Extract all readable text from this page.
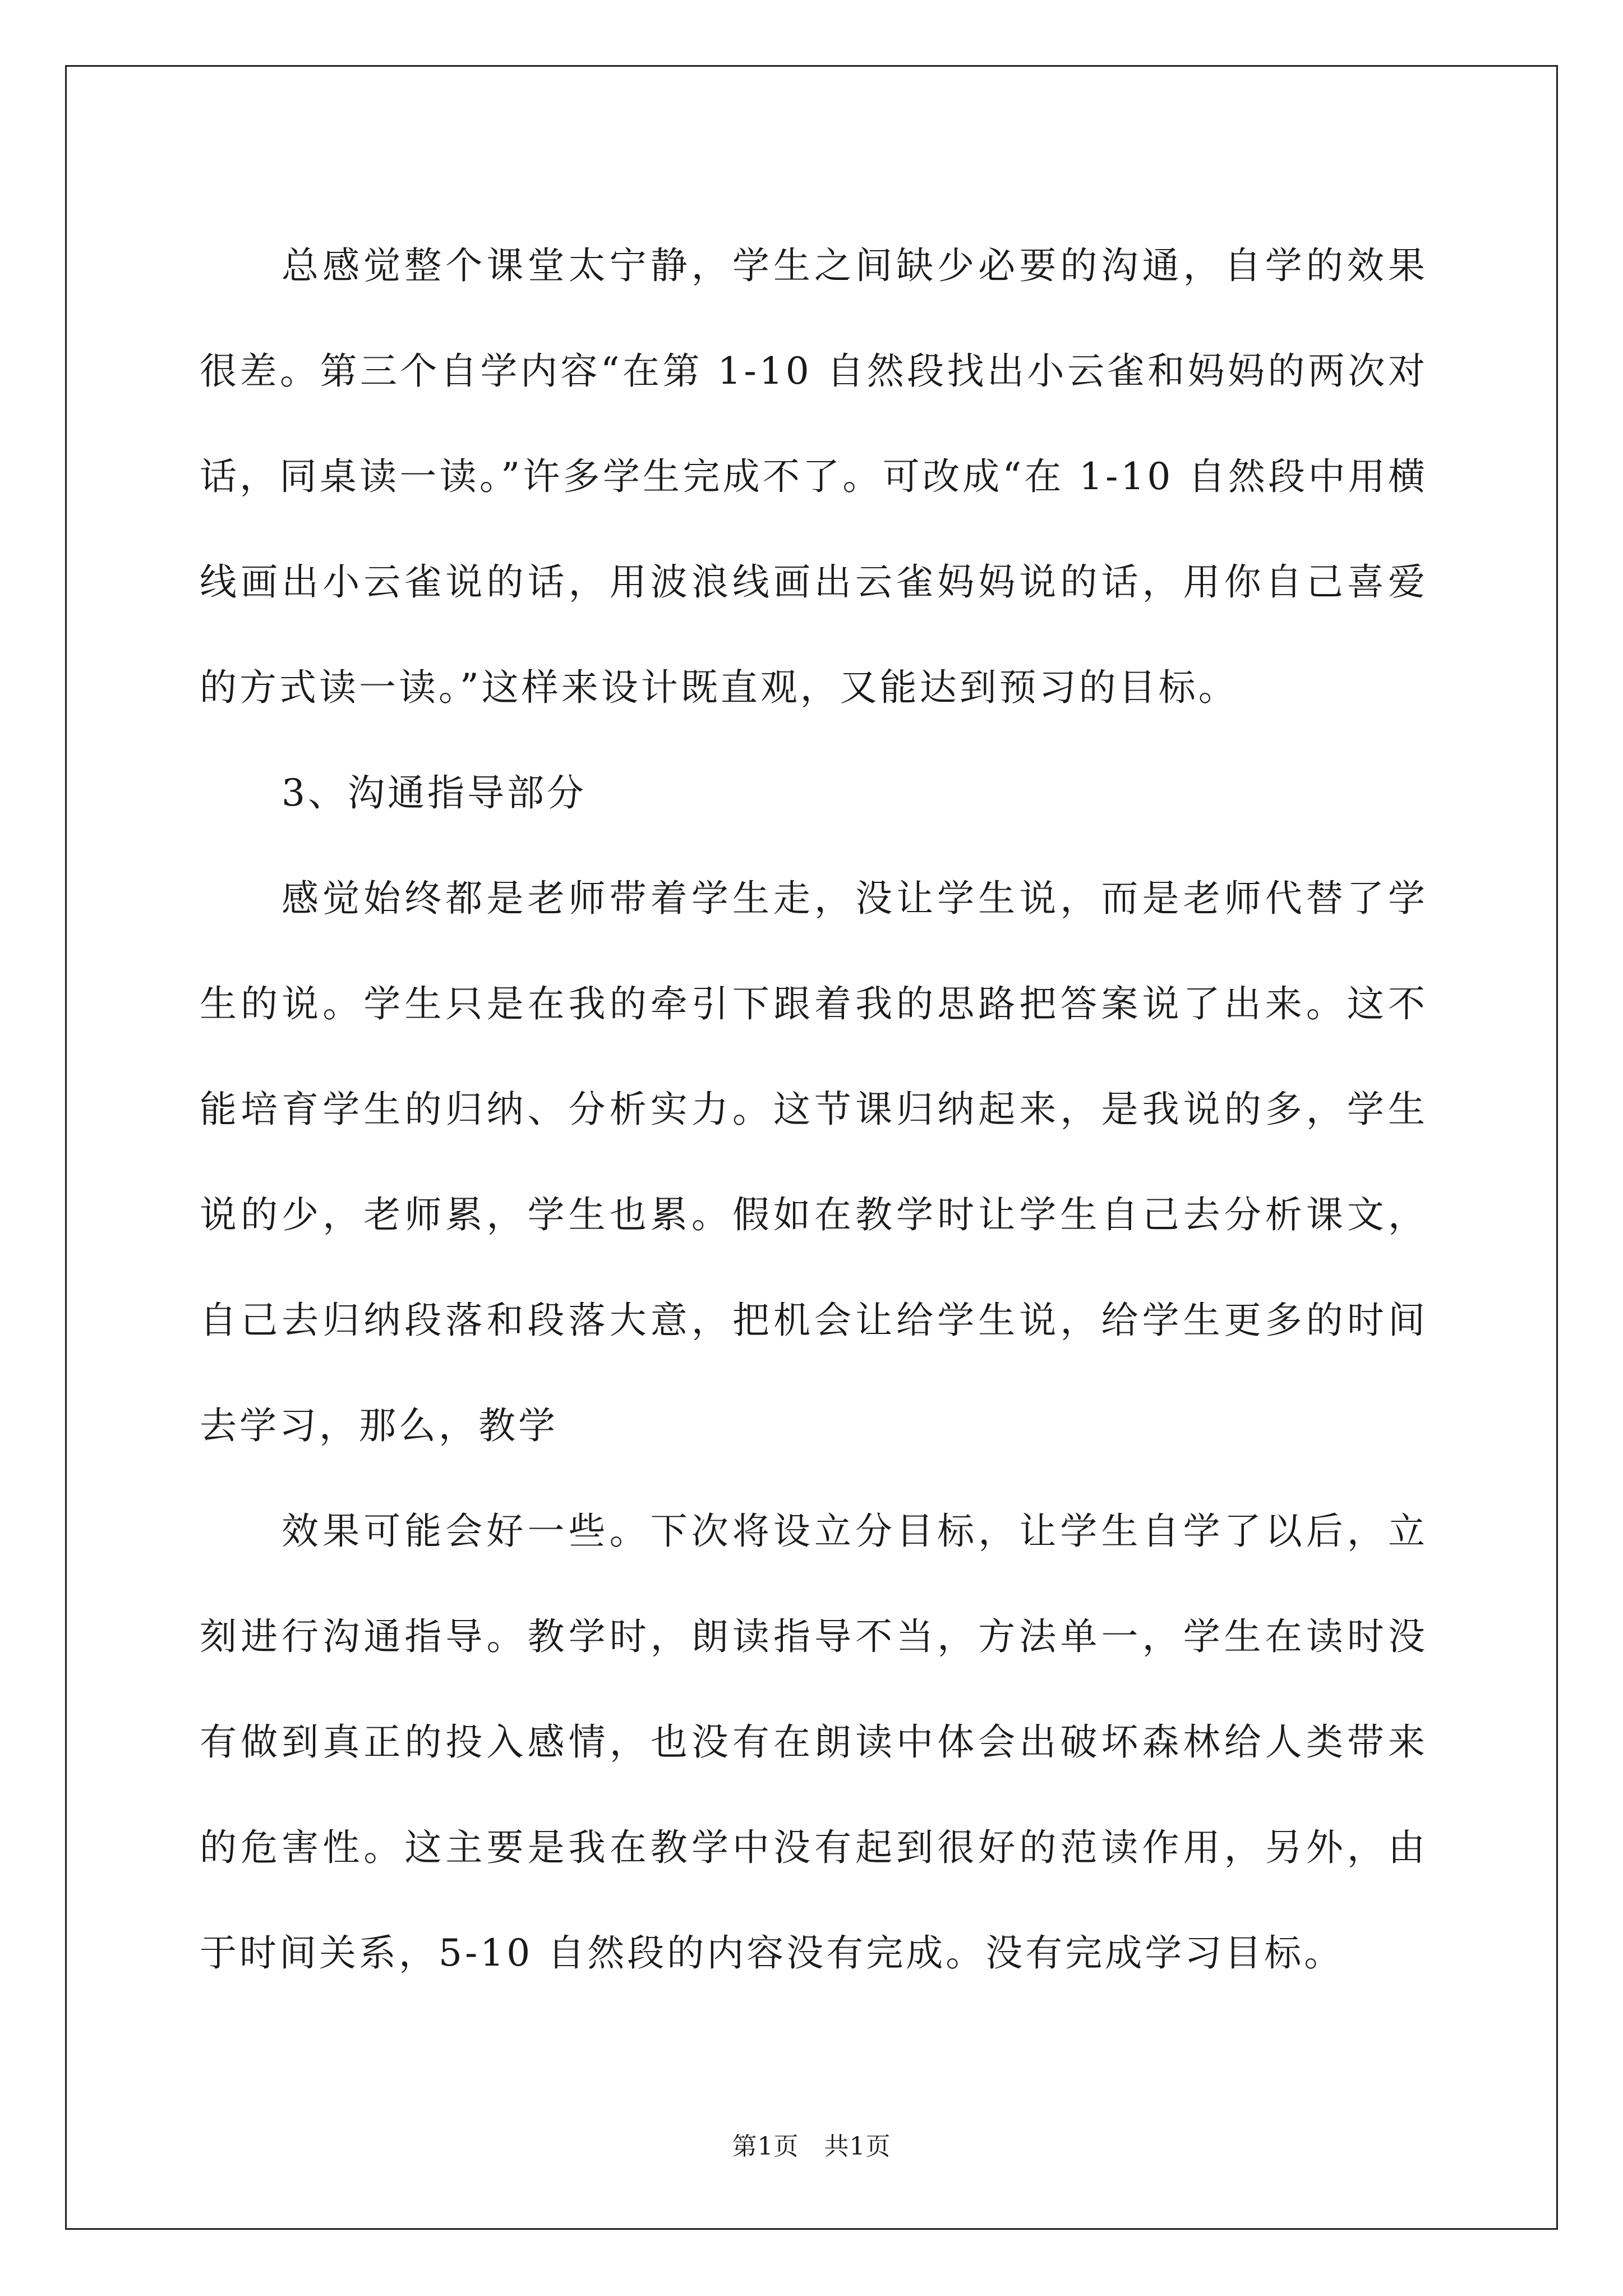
总感觉整个课堂太宁静，学生之间缺少必要的沟通，自学的效果很差。第三个自学内容“在第 1-10 自然段找出小云雀和妈妈的两次对话，同桌读一读。”许多学生完成不了。可改成“在 1-10 自然段中用横线画出小云雀说的话，用波浪线画出云雀妈妈说的话，用你自己喜爱的方式读一读。”这样来设计既直观，又能达到预习的目标。

3、沟通指导部分

感觉始终都是老师带着学生走，没让学生说，而是老师代替了学生的说。学生只是在我的牵引下跟着我的思路把答案说了出来。这不能培育学生的归纳、分析实力。这节课归纳起来，是我说的多，学生说的少，老师累，学生也累。假如在教学时让学生自己去分析课文，自己去归纳段落和段落大意，把机会让给学生说，给学生更多的时间去学习，那么，教学

效果可能会好一些。下次将设立分目标，让学生自学了以后，立刻进行沟通指导。教学时，朗读指导不当，方法单一，学生在读时没有做到真正的投入感情，也没有在朗读中体会出破坏森林给人类带来的危害性。这主要是我在教学中没有起到很好的范读作用，另外，由于时间关系，5-10 自然段的内容没有完成。没有完成学习目标。

第1页　共1页
